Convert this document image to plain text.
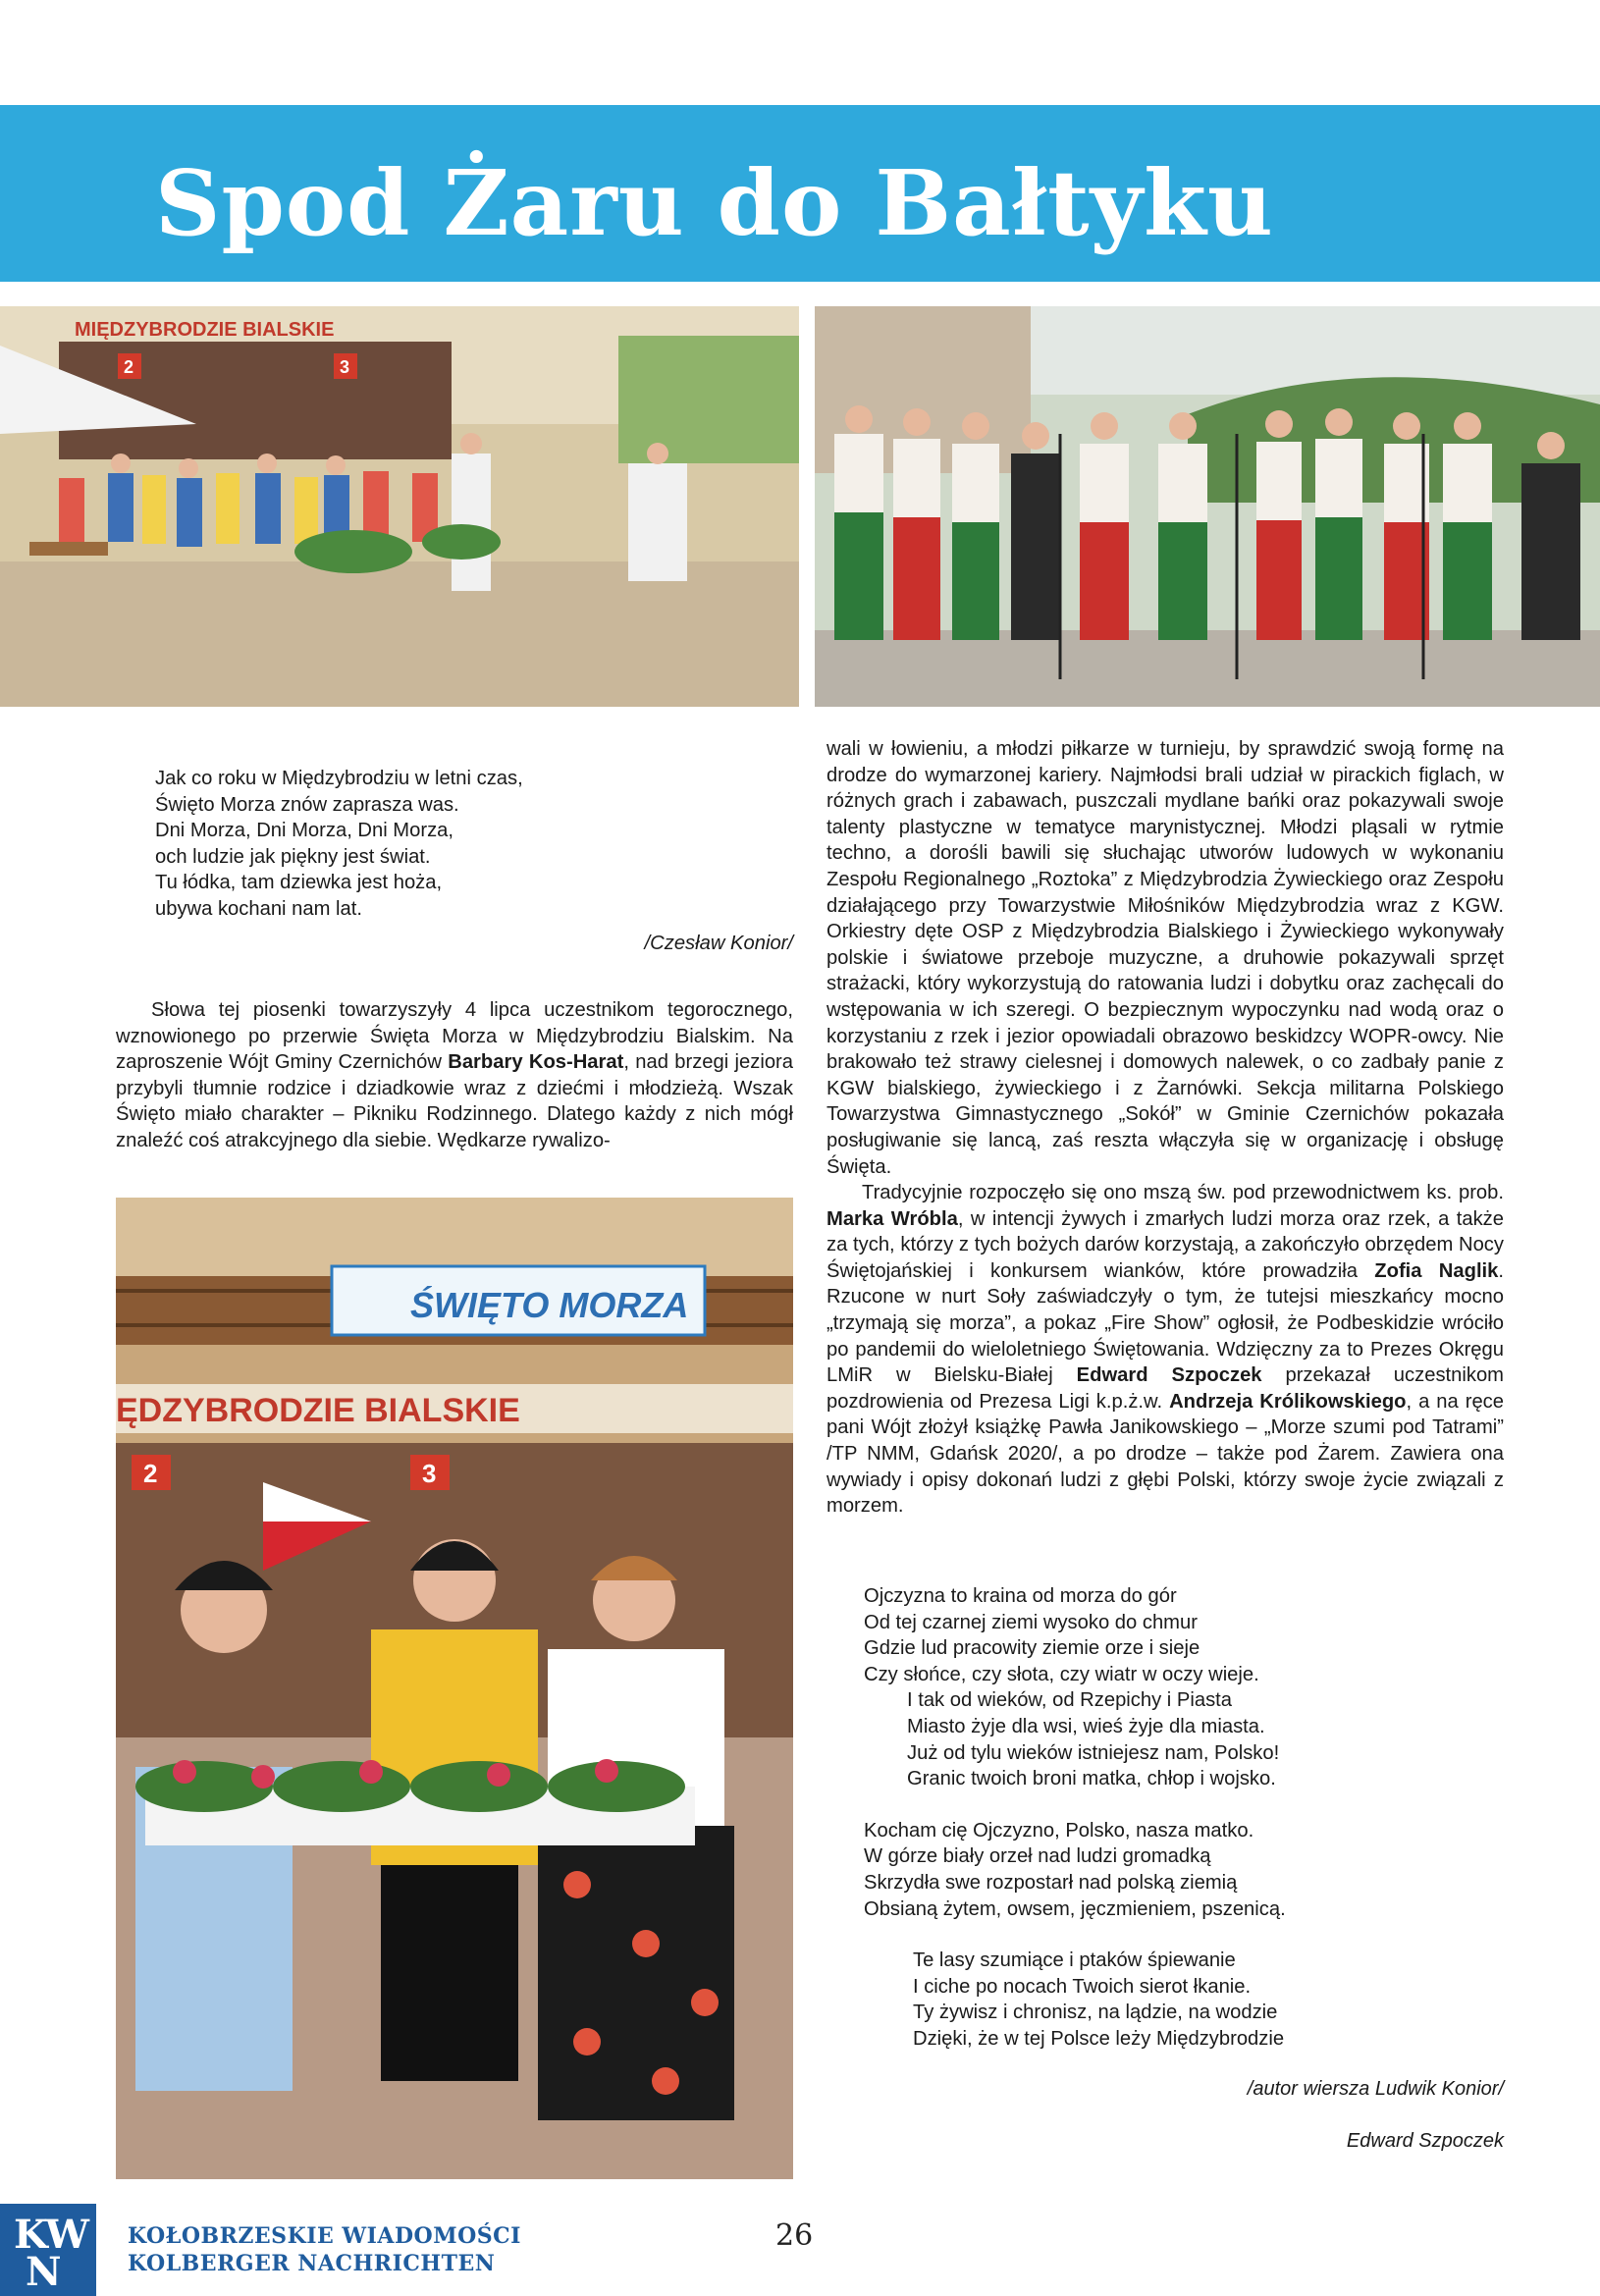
Spod Żaru do Bałtyku
MIĘDZYBRODZIE BIALSKIE
2	3
Jak co roku w Międzybrodziu w letni czas,
Święto Morza znów zaprasza was.
Dni Morza, Dni Morza, Dni Morza,
och ludzie jak piękny jest świat.
Tu łódka, tam dziewka jest hoża,
ubywa kochani nam lat.

/Czesław Konior/

Słowa tej piosenki towarzyszyły 4 lipca uczestnikom tegorocznego, wznowionego po przerwie Święta Morza w Międzybrodziu Bialskim. Na zaproszenie Wójt Gminy Czernichów Barbary Kos-Harat, nad brzegi jeziora przybyli tłumnie rodzice i dziadkowie wraz z dziećmi i młodzieżą. Wszak Święto miało charakter – Pikniku Rodzinnego. Dlatego każdy z nich mógł znaleźć coś atrakcyjnego dla siebie. Wędkarze rywalizo-

ŚWIĘTO MORZA
ĘDZYBRODZIE BIALSKIE
2	3

wali w łowieniu, a młodzi piłkarze w turnieju, by sprawdzić swoją formę na drodze do wymarzonej kariery. Najmłodsi brali udział w pirackich figlach, w różnych grach i zabawach, puszczali mydlane bańki oraz pokazywali swoje talenty plastyczne w tematyce marynistycznej. Młodzi pląsali w rytmie techno, a dorośli bawili się słuchając utworów ludowych w wykonaniu Zespołu Regionalnego „Roztoka” z Międzybrodzia Żywieckiego oraz Zespołu działającego przy Towarzystwie Miłośników Międzybrodzia wraz z KGW. Orkiestry dęte OSP z Międzybrodzia Bialskiego i Żywieckiego wykonywały polskie i światowe przeboje muzyczne, a druhowie pokazywali sprzęt strażacki, który wykorzystują do ratowania ludzi i dobytku oraz zachęcali do wstępowania w ich szeregi. O bezpiecznym wypoczynku nad wodą oraz o korzystaniu z rzek i jezior opowiadali obrazowo beskidzcy WOPR-owcy. Nie brakowało też strawy cielesnej i domowych nalewek, o co zadbały panie z KGW bialskiego, żywieckiego i z Żarnówki. Sekcja militarna Polskiego Towarzystwa Gimnastycznego „Sokół” w Gminie Czernichów pokazała posługiwanie się lancą, zaś reszta włączyła się w organizację i obsługę Święta.

Tradycyjnie rozpoczęło się ono mszą św. pod przewodnictwem ks. prob. Marka Wróbla, w intencji żywych i zmarłych ludzi morza oraz rzek, a także za tych, którzy z tych bożych darów korzystają, a zakończyło obrzędem Nocy Świętojańskiej i konkursem wianków, które prowadziła Zofia Naglik. Rzucone w nurt Soły zaświadczyły o tym, że tutejsi mieszkańcy mocno „trzymają się morza”, a pokaz „Fire Show” ogłosił, że Podbeskidzie wróciło po pandemii do wieloletniego Świętowania. Wdzięczny za to Prezes Okręgu LMiR w Bielsku-Białej Edward Szpoczek przekazał uczestnikom pozdrowienia od Prezesa Ligi k.p.ż.w. Andrzeja Królikowskiego, a na ręce pani Wójt złożył książkę Pawła Janikowskiego – „Morze szumi pod Tatrami” /TP NMM, Gdańsk 2020/, a po drodze – także pod Żarem. Zawiera ona wywiady i opisy dokonań ludzi z głębi Polski, którzy swoje życie związali z morzem.

Ojczyzna to kraina od morza do gór
Od tej czarnej ziemi wysoko do chmur
Gdzie lud pracowity ziemie orze i sieje
Czy słońce, czy słota, czy wiatr w oczy wieje.
I tak od wieków, od Rzepichy i Piasta
Miasto żyje dla wsi, wieś żyje dla miasta.
Już od tylu wieków istniejesz nam, Polsko!
Granic twoich broni matka, chłop i wojsko.
Kocham cię Ojczyzno, Polsko, nasza matko.
W górze biały orzeł nad ludzi gromadką
Skrzydła swe rozpostarł nad polską ziemią
Obsianą żytem, owsem, jęczmieniem, pszenicą.
Te lasy szumiące i ptaków śpiewanie
I ciche po nocach Twoich sierot łkanie.
Ty żywisz i chronisz, na lądzie, na wodzie
Dzięki, że w tej Polsce leży Międzybrodzie
/autor wiersza Ludwik Konior/
Edward Szpoczek
K
W
N
KOŁOBRZESKIE WIADOMOŚCI
KOLBERGER NACHRICHTEN
26
